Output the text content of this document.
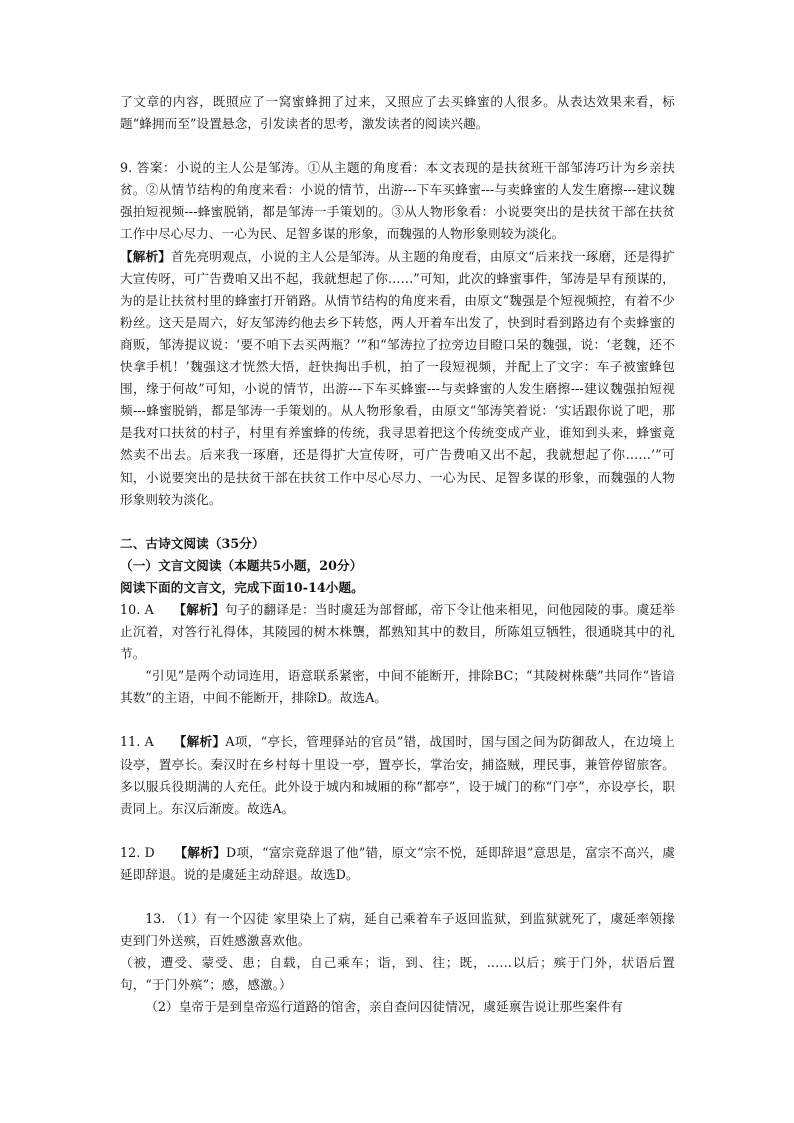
了文章的内容，既照应了一窝蜜蜂拥了过来，又照应了去买蜂蜜的人很多。从表达效果来看，标题“蜂拥而至”设置悬念，引发读者的思考，激发读者的阅读兴趣。

9. 答案：小说的主人公是邹涛。①从主题的角度看：本文表现的是扶贫班干部邹涛巧计为乡亲扶贫。②从情节结构的角度来看：小说的情节，出游---下车买蜂蜜---与卖蜂蜜的人发生磨擦---建议魏强拍短视频---蜂蜜脱销，都是邹涛一手策划的。③从人物形象看：小说要突出的是扶贫干部在扶贫工作中尽心尽力、一心为民、足智多谋的形象，而魏强的人物形象则较为淡化。

【解析】首先亮明观点，小说的主人公是邹涛。从主题的角度看，由原文“后来找一琢磨，还是得扩大宣传呀，可广告费咱又出不起，我就想起了你……”可知，此次的蜂蜜事件，邹涛是早有预谋的，为的是让扶贫村里的蜂蜜打开销路。从情节结构的角度来看，由原文“魏强是个短视频控，有着不少粉丝。这天是周六，好友邹涛约他去乡下转悠，两人开着车出发了，快到时看到路边有个卖蜂蜜的商贩，邹涛提议说：‘要不咱下去买两瓶？’”和“邹涛拉了拉旁边目瞪口呆的魏强，说：‘老魏，还不快拿手机！’魏强这才恍然大悟，赶快掏出手机，拍了一段短视频，并配上了文字：车子被蜜蜂包围，缘于何故”可知，小说的情节，出游---下车买蜂蜜---与卖蜂蜜的人发生磨擦---建议魏强拍短视频---蜂蜜脱销，都是邹涛一手策划的。从人物形象看，由原文“邹涛笑着说：‘实话跟你说了吧，那是我对口扶贫的村子，村里有养蜜蜂的传统，我寻思着把这个传统变成产业，谁知到头来，蜂蜜竟然卖不出去。后来我一琢磨，还是得扩大宣传呀，可广告费咱又出不起，我就想起了你……’”可知，小说要突出的是扶贫干部在扶贫工作中尽心尽力、一心为民、足智多谋的形象，而魏强的人物形象则较为淡化。

二、古诗文阅读（35分）

（一）文言文阅读（本题共5小题，20分）

阅读下面的文言文，完成下面10-14小题。

10. A　　【解析】句子的翻译是：当时虞廷为部督邮，帝下令让他来相见，问他园陵的事。虞廷举止沉着，对答行礼得体，其陵园的树木株龒，都熟知其中的数目，所陈俎豆牺牲，很通晓其中的礼节。

“引见”是两个动词连用，语意联系紧密，中间不能断开，排除BC；“其陵树株蘖”共同作“皆谙其数”的主语，中间不能断开，排除D。故选A。

11. A　　【解析】A项，“亭长，管理驿站的官员”错，战国时，国与国之间为防御敌人，在边境上设亭，置亭长。秦汉时在乡村每十里设一亭，置亭长，掌治安，捕盗贼，理民事，兼管停留旅客。多以服兵役期满的人充任。此外设于城内和城厢的称“都亭”，设于城门的称“门亭”，亦设亭长，职责同上。东汉后渐废。故选A。

12. D　　【解析】D项，“富宗竟辞退了他”错，原文“宗不悦，延即辞退”意思是，富宗不高兴，虞延即辞退。说的是虞延主动辞退。故选D。

13. （1）有一个囚徒 家里染上了病，延自己乘着车子返回监狱，到监狱就死了，虞延率领掾吏到门外送殡，百姓感激喜欢他。

（被，遭受、蒙受、患；自载，自己乘车；诣，到、往；既，……以后；殡于门外，状语后置句，“于门外殡”；感，感激。）

（2）皇帝于是到皇帝巡行道路的馆舍，亲自查问囚徒情况，虞延禀告说让那些案件有
